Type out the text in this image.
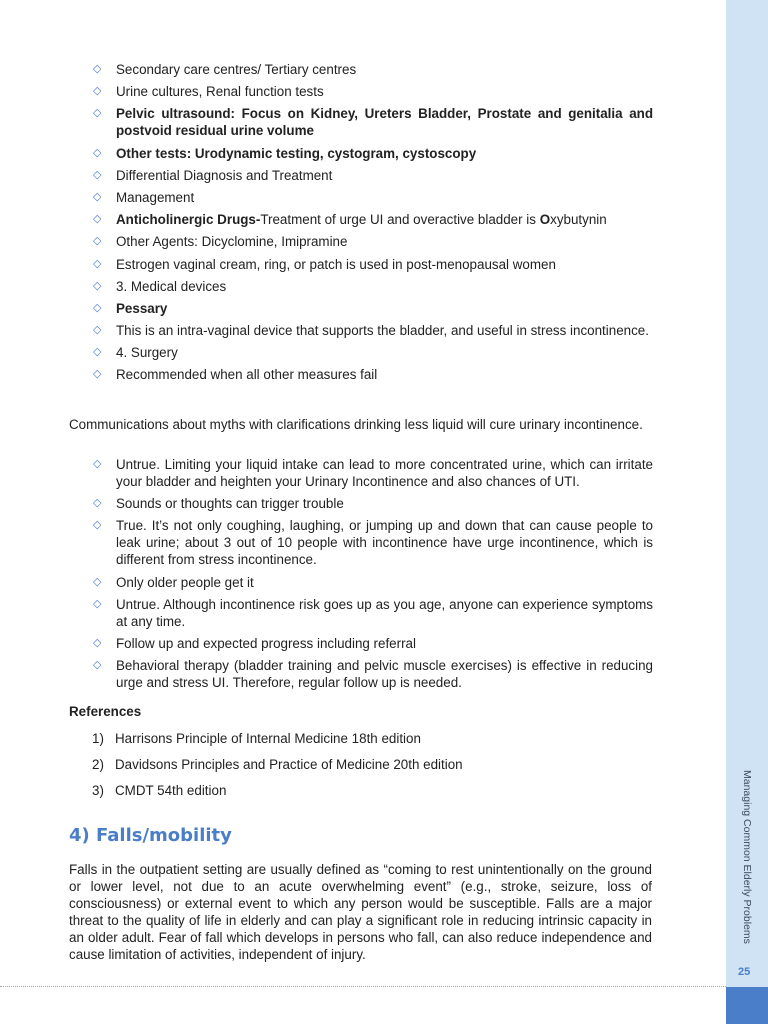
◇ Secondary care centres/ Tertiary centres
◇ Urine cultures, Renal function tests
◇ Pelvic ultrasound: Focus on Kidney, Ureters Bladder, Prostate and genitalia and postvoid residual urine volume
◇ Other tests: Urodynamic testing, cystogram, cystoscopy
◇ Differential Diagnosis and Treatment
◇ Management
◇ Anticholinergic Drugs-Treatment of urge UI and overactive bladder is Oxybutynin
◇ Other Agents: Dicyclomine, Imipramine
◇ Estrogen vaginal cream, ring, or patch is used in post-menopausal women
◇ 3. Medical devices
◇ Pessary
◇ This is an intra-vaginal device that supports the bladder, and useful in stress incontinence.
◇ 4. Surgery
◇ Recommended when all other measures fail

Communications about myths with clarifications drinking less liquid will cure urinary incontinence.

◇ Untrue. Limiting your liquid intake can lead to more concentrated urine, which can irritate your bladder and heighten your Urinary Incontinence and also chances of UTI.
◇ Sounds or thoughts can trigger trouble
◇ True. It’s not only coughing, laughing, or jumping up and down that can cause people to leak urine; about 3 out of 10 people with incontinence have urge incontinence, which is different from stress incontinence.
◇ Only older people get it
◇ Untrue. Although incontinence risk goes up as you age, anyone can experience symptoms at any time.
◇ Follow up and expected progress including referral
◇ Behavioral therapy (bladder training and pelvic muscle exercises) is effective in reducing urge and stress UI. Therefore, regular follow up is needed.

References

1) Harrisons Principle of Internal Medicine 18th edition
2) Davidsons Principles and Practice of Medicine 20th edition
3) CMDT 54th edition
4) Falls/mobility

Falls in the outpatient setting are usually defined as “coming to rest unintentionally on the ground or lower level, not due to an acute overwhelming event” (e.g., stroke, seizure, loss of consciousness) or external event to which any person would be susceptible. Falls are a major threat to the quality of life in elderly and can play a significant role in reducing intrinsic capacity in an older adult. Fear of fall which develops in persons who fall, can also reduce independence and cause limitation of activities, independent of injury.

Managing Common Elderly Problems
25
